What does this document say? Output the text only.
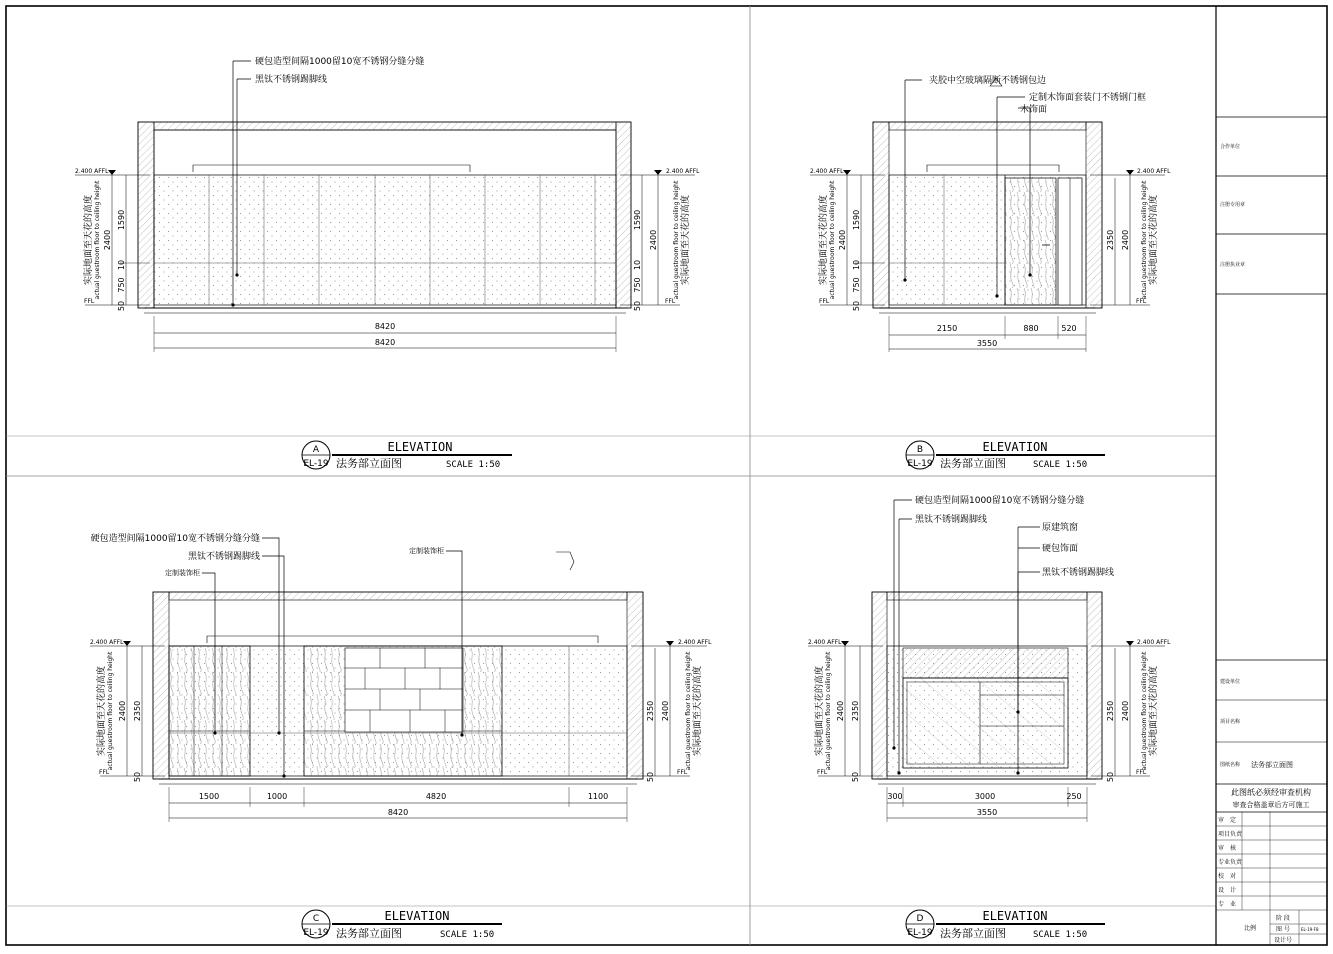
硬包造型间隔1000留10宽不锈钢分缝分缝
黑钛不锈钢踢脚线
2.400 AFFL	2.400 AFFL
FFL	FFL
8420
8420
1590
10
750
50
2400
1590
10
750
50
2400
实际地面至天花的高度 actual guestroom floor to ceiling height	actual guestroom floor to ceiling height 实际地面至天花的高度
夹胶中空玻璃隔断不锈钢包边
定制木饰面套装门不锈钢门框
木饰面
2.400 AFFL	2.400 AFFL
FFL	FFL
2150	880	520
3550
1590
10
750
50
2400	2350 2400
实际地面至天花的高度 actual guestroom floor to ceiling height	actual guestroom floor to ceiling height 实际地面至天花的高度
硬包造型间隔1000留10宽不锈钢分缝分缝
黑钛不锈钢踢脚线
定制装饰柜
定制装饰柜
2.400 AFFL	2.400 AFFL
FFL	FFL
1500	1000	4820	1100
8420
2350
2400
50
2350 2400
50
实际地面至天花的高度 actual guestroom floor to ceiling height	actual guestroom floor to ceiling height 实际地面至天花的高度
硬包造型间隔1000留10宽不锈钢分缝分缝
黑钛不锈钢踢脚线
原建筑窗
硬包饰面
黑钛不锈钢踢脚线
2.400 AFFL	2.400 AFFL
FFL	FFL
300	3000	250
3550
2350
2400
50
2350 2400
50
实际地面至天花的高度 actual guestroom floor to ceiling height	actual guestroom floor to ceiling height 实际地面至天花的高度
A
EL-19
ELEVATION
法务部立面图	SCALE 1:50
B
EL-19
ELEVATION
法务部立面图	SCALE 1:50
C
EL-19
ELEVATION
法务部立面图	SCALE 1:50
D
EL-19
ELEVATION
法务部立面图	SCALE 1:50
合作单位
注册专用章
注册执业章
建设单位
项目名称
图纸名称 法务部立面图
此图纸必须经审查机构
审查合格盖章后方可施工
审　定
项目负责
审　核
专业负责
校　对
设　计
专　业
阶 段
比例	图 号	EL-19-F8
设计号
